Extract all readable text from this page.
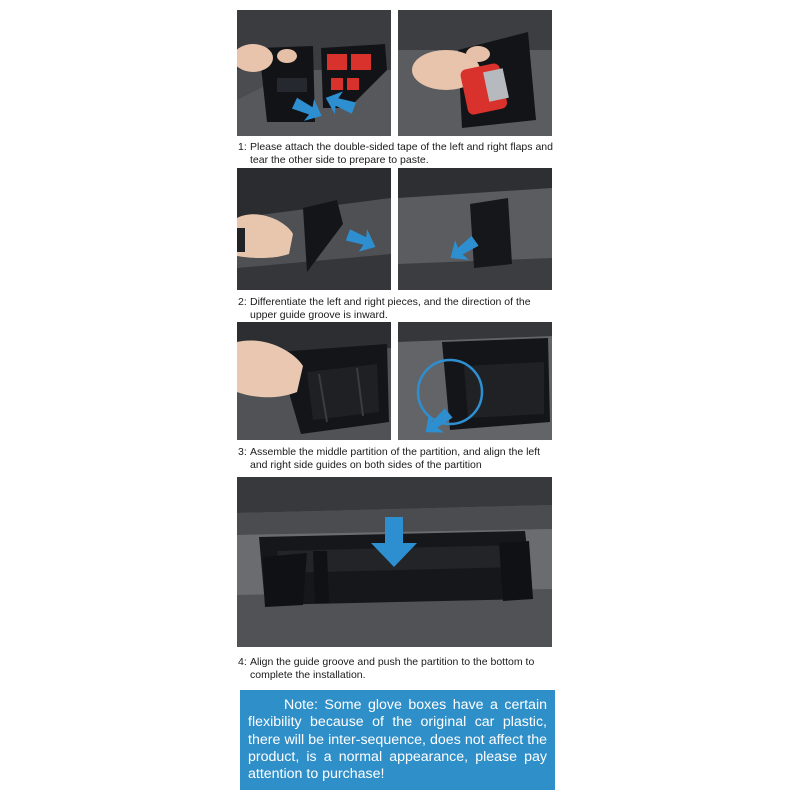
1: Please attach the double-sided tape of the left and right flaps and tear the other side to prepare to paste.
2: Differentiate the left and right pieces, and the direction of the upper guide groove is inward.
3: Assemble the middle partition of the partition, and align the left and right side guides on both sides of the partition
4: Align the guide groove and push the partition to the bottom to complete the installation.
Note: Some glove boxes have a certain flexibility because of the original car plastic, there will be inter-sequence, does not affect the product, is a normal appearance, please pay attention to purchase!
